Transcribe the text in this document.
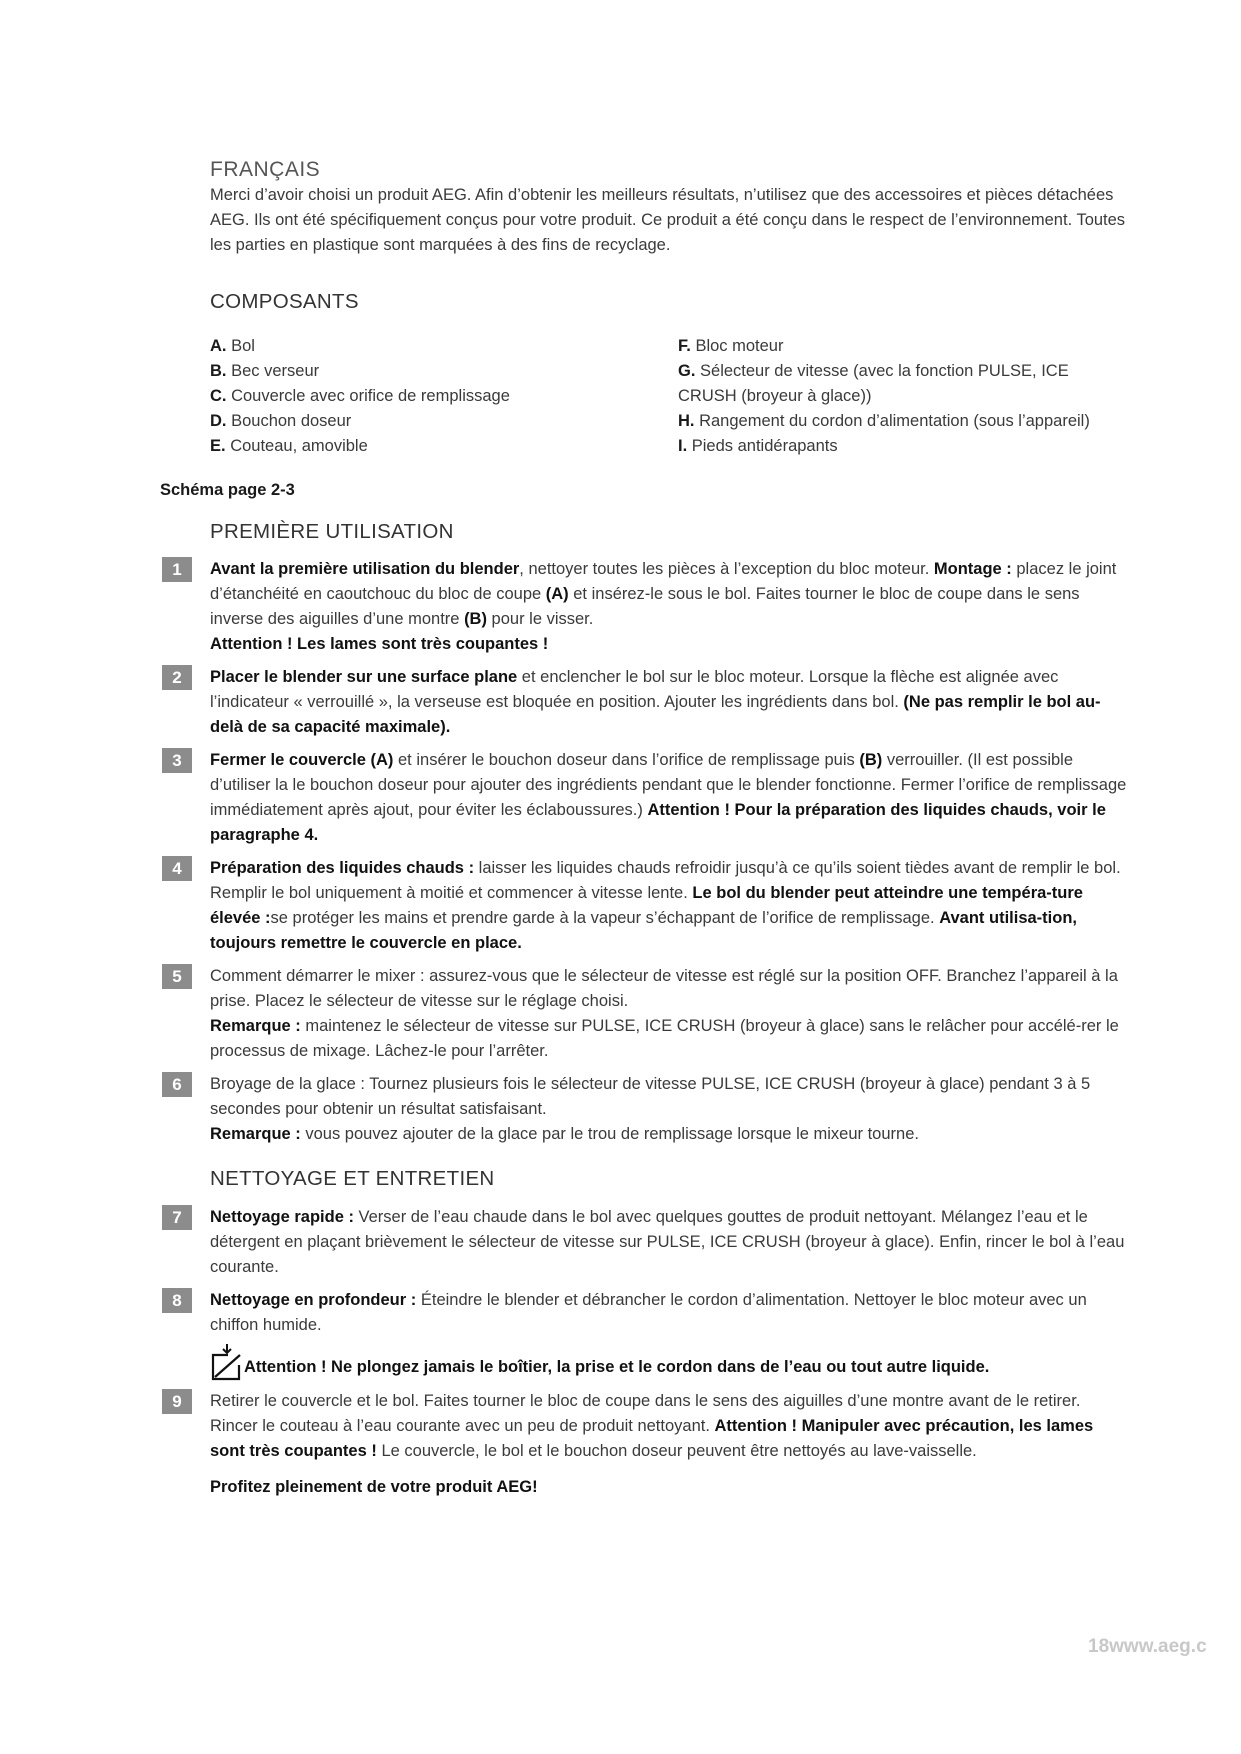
FRANÇAIS
Merci d’avoir choisi un produit AEG. Afin d’obtenir les meilleurs résultats, n’utilisez que des accessoires et pièces détachées AEG. Ils ont été spécifiquement conçus pour votre produit. Ce produit a été conçu dans le respect de l’environnement. Toutes les parties en plastique sont marquées à des fins de recyclage.
COMPOSANTS
A. Bol
B. Bec verseur
C. Couvercle avec orifice de remplissage
D. Bouchon doseur
E. Couteau, amovible
F. Bloc moteur
G. Sélecteur de vitesse (avec la fonction PULSE, ICE
CRUSH (broyeur à glace))
H. Rangement du cordon d’alimentation (sous l’appareil)
I. Pieds antidérapants
Schéma page 2-3
PREMIÈRE UTILISATION
1	Avant la première utilisation du blender, nettoyer toutes les pièces à l’exception du bloc moteur. Montage : placez le joint d’étanchéité en caoutchouc du bloc de coupe (A) et insérez-le sous le bol. Faites tourner le bloc de coupe dans le sens inverse des aiguilles d’une montre (B) pour le visser.
Attention ! Les lames sont très coupantes !
2	Placer le blender sur une surface plane et enclencher le bol sur le bloc moteur. Lorsque la flèche est alignée avec l’indicateur « verrouillé », la verseuse est bloquée en position. Ajouter les ingrédients dans bol. (Ne pas remplir le bol au-delà de sa capacité maximale).
3	Fermer le couvercle (A) et insérer le bouchon doseur dans l’orifice de remplissage puis (B) verrouiller. (Il est possible d’utiliser la le bouchon doseur pour ajouter des ingrédients pendant que le blender fonctionne. Fermer l’orifice de remplissage immédiatement après ajout, pour éviter les éclaboussures.) Attention ! Pour la préparation des liquides chauds, voir le paragraphe 4.
4	Préparation des liquides chauds : laisser les liquides chauds refroidir jusqu’à ce qu’ils soient tièdes avant de remplir le bol. Remplir le bol uniquement à moitié et commencer à vitesse lente. Le bol du blender peut atteindre une tempéra-ture élevée :se protéger les mains et prendre garde à la vapeur s’échappant de l’orifice de remplissage. Avant utilisa-tion, toujours remettre le couvercle en place.
5	Comment démarrer le mixer : assurez-vous que le sélecteur de vitesse est réglé sur la position OFF. Branchez l’appareil à la prise. Placez le sélecteur de vitesse sur le réglage choisi.
Remarque : maintenez le sélecteur de vitesse sur PULSE, ICE CRUSH (broyeur à glace) sans le relâcher pour accélé-rer le processus de mixage. Lâchez-le pour l’arrêter.
6	Broyage de la glace : Tournez plusieurs fois le sélecteur de vitesse PULSE, ICE CRUSH (broyeur à glace) pendant 3 à 5 secondes pour obtenir un résultat satisfaisant.
Remarque : vous pouvez ajouter de la glace par le trou de remplissage lorsque le mixeur tourne.
NETTOYAGE ET ENTRETIEN
7	Nettoyage rapide : Verser de l’eau chaude dans le bol avec quelques gouttes de produit nettoyant. Mélangez l’eau et le détergent en plaçant brièvement le sélecteur de vitesse sur PULSE, ICE CRUSH (broyeur à glace). Enfin, rincer le bol à l’eau courante.
8	Nettoyage en profondeur : Éteindre le blender et débrancher le cordon d’alimentation. Nettoyer le bloc moteur avec un chiffon humide.
Attention ! Ne plongez jamais le boîtier, la prise et le cordon dans de l’eau ou tout autre liquide.
9	Retirer le couvercle et le bol. Faites tourner le bloc de coupe dans le sens des aiguilles d’une montre avant de le retirer. Rincer le couteau à l’eau courante avec un peu de produit nettoyant. Attention ! Manipuler avec précaution, les lames sont très coupantes ! Le couvercle, le bol et le bouchon doseur peuvent être nettoyés au lave-vaisselle.
Profitez pleinement de votre produit AEG!
18www.aeg.c
